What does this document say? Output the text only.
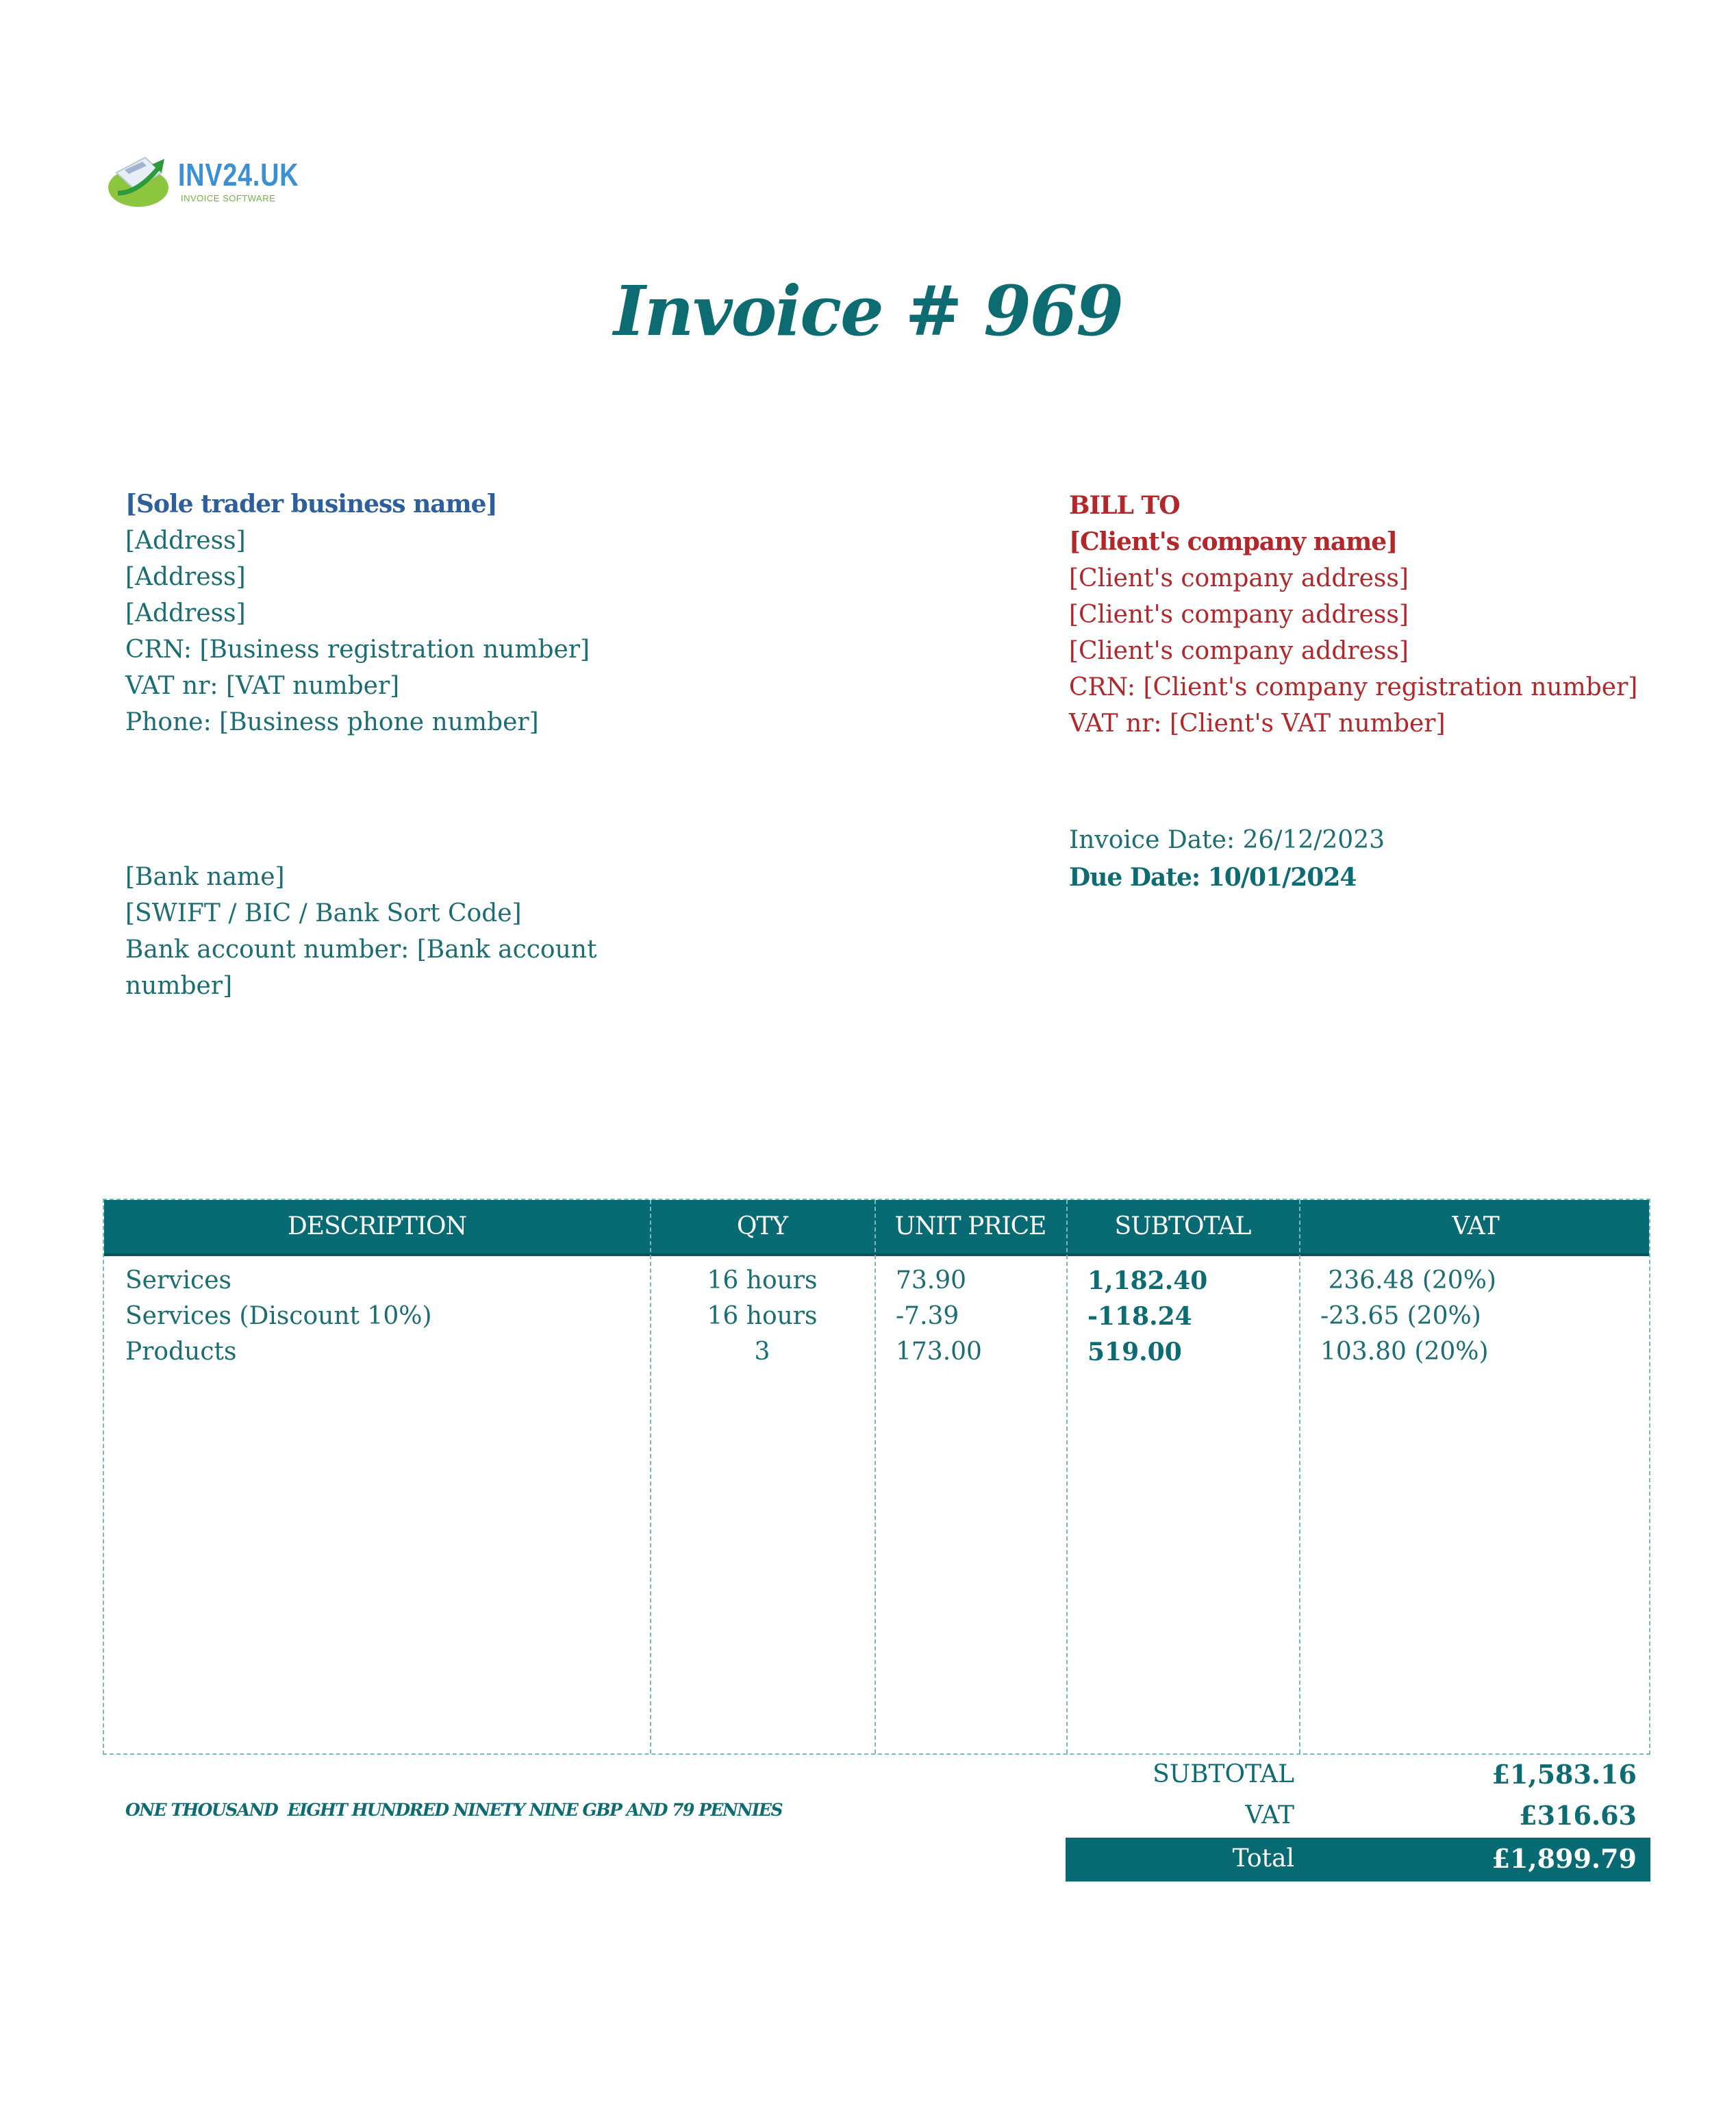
INV24.UK
INVOICE SOFTWARE
Invoice # 969
[Sole trader business name]
[Address]
[Address]
[Address]
CRN: [Business registration number]
VAT nr: [VAT number]
Phone: [Business phone number]
BILL TO
[Client's company name]
[Client's company address]
[Client's company address]
[Client's company address]
CRN: [Client's company registration number]
VAT nr: [Client's VAT number]
Invoice Date: 26/12/2023
Due Date: 10/01/2024
[Bank name]
[SWIFT / BIC / Bank Sort Code]
Bank account number: [Bank account
number]
DESCRIPTION	QTY	UNIT PRICE	SUBTOTAL	VAT
Services	16 hours	73.90	1,182.40	236.48 (20%)
Services (Discount 10%)	16 hours	-7.39	-118.24	-23.65 (20%)
Products	3	173.00	519.00	103.80 (20%)
ONE THOUSAND  EIGHT HUNDRED NINETY NINE GBP AND 79 PENNIES
SUBTOTAL	£1,583.16
VAT	£316.63
Total	£1,899.79
